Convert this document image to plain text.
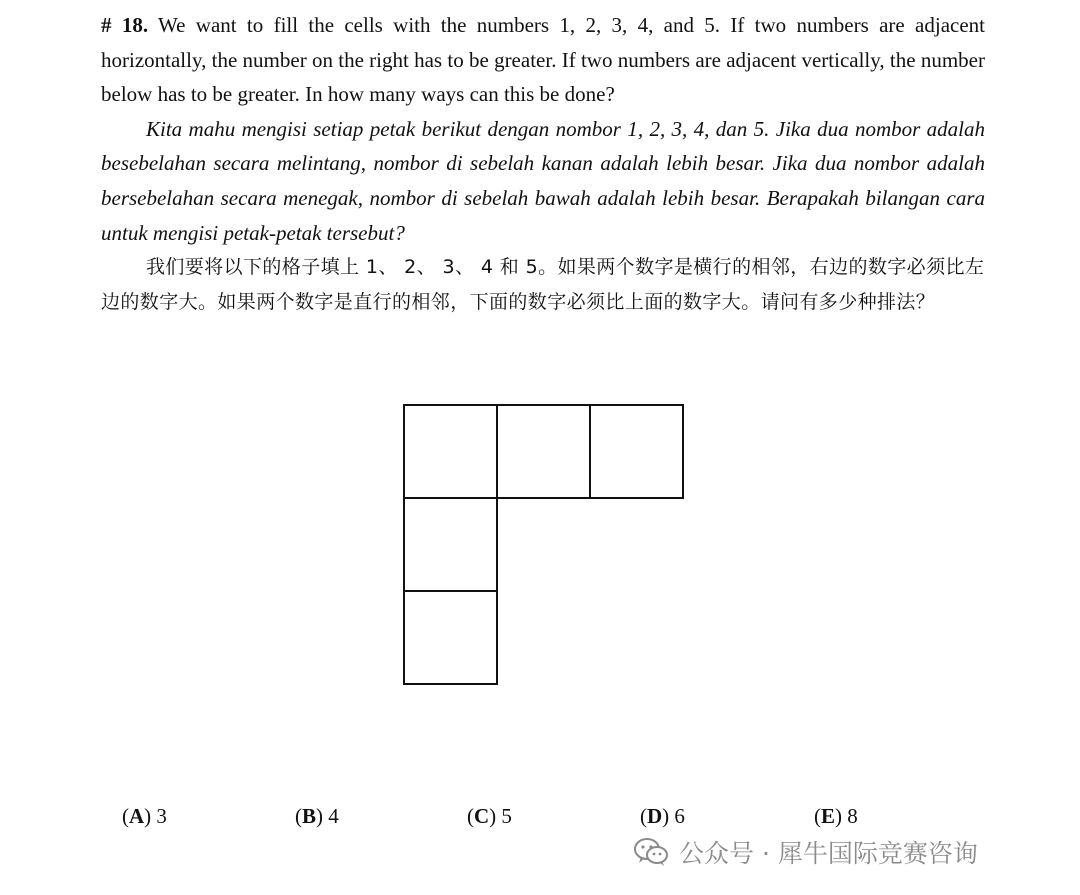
# 18. We want to fill the cells with the numbers 1, 2, 3, 4, and 5. If two numbers are adjacent horizontally, the number on the right has to be greater. If two numbers are adjacent vertically, the number below has to be greater. In how many ways can this be done?

Kita mahu mengisi setiap petak berikut dengan nombor 1, 2, 3, 4, dan 5. Jika dua nombor adalah besebelahan secara melintang, nombor di sebelah kanan adalah lebih besar. Jika dua nombor adalah bersebelahan secara menegak, nombor di sebelah bawah adalah lebih besar. Berapakah bilangan cara untuk mengisi petak-petak tersebut?

我们要将以下的格子填上 1、 2、 3、 4 和 5。如果两个数字是横行的相邻，右边的数字必须比左边的数字大。如果两个数字是直行的相邻，下面的数字必须比上面的数字大。请问有多少种排法？

(A) 3	(B) 4	(C) 5	(D) 6	(E) 8
公众号 · 犀牛国际竞赛咨询
